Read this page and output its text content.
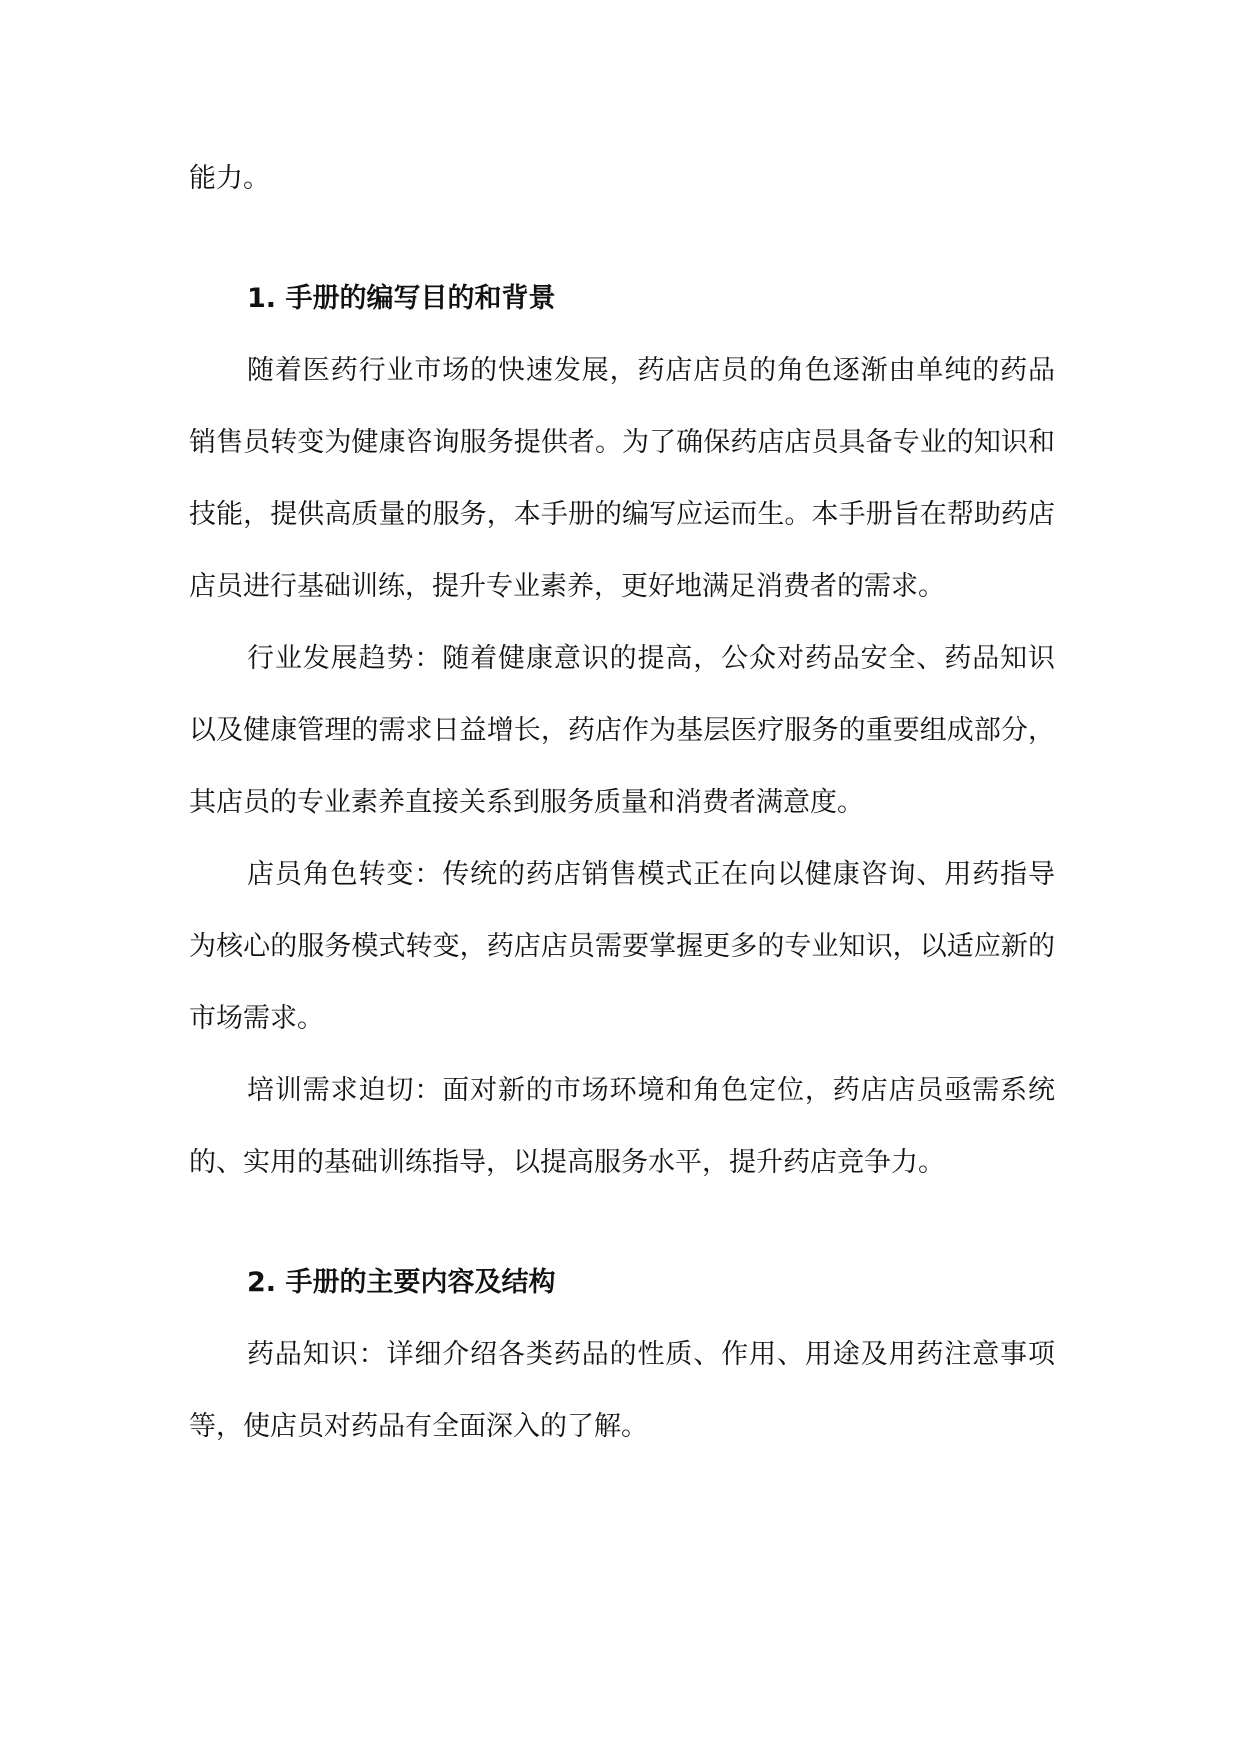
能力。

1. 手册的编写目的和背景

随着医药行业市场的快速发展，药店店员的角色逐渐由单纯的药品销售员转变为健康咨询服务提供者。为了确保药店店员具备专业的知识和技能，提供高质量的服务，本手册的编写应运而生。本手册旨在帮助药店店员进行基础训练，提升专业素养，更好地满足消费者的需求。

行业发展趋势：随着健康意识的提高，公众对药品安全、药品知识以及健康管理的需求日益增长，药店作为基层医疗服务的重要组成部分，其店员的专业素养直接关系到服务质量和消费者满意度。

店员角色转变：传统的药店销售模式正在向以健康咨询、用药指导为核心的服务模式转变，药店店员需要掌握更多的专业知识，以适应新的市场需求。

培训需求迫切：面对新的市场环境和角色定位，药店店员亟需系统的、实用的基础训练指导，以提高服务水平，提升药店竞争力。

2. 手册的主要内容及结构

药品知识：详细介绍各类药品的性质、作用、用途及用药注意事项等，使店员对药品有全面深入的了解。
